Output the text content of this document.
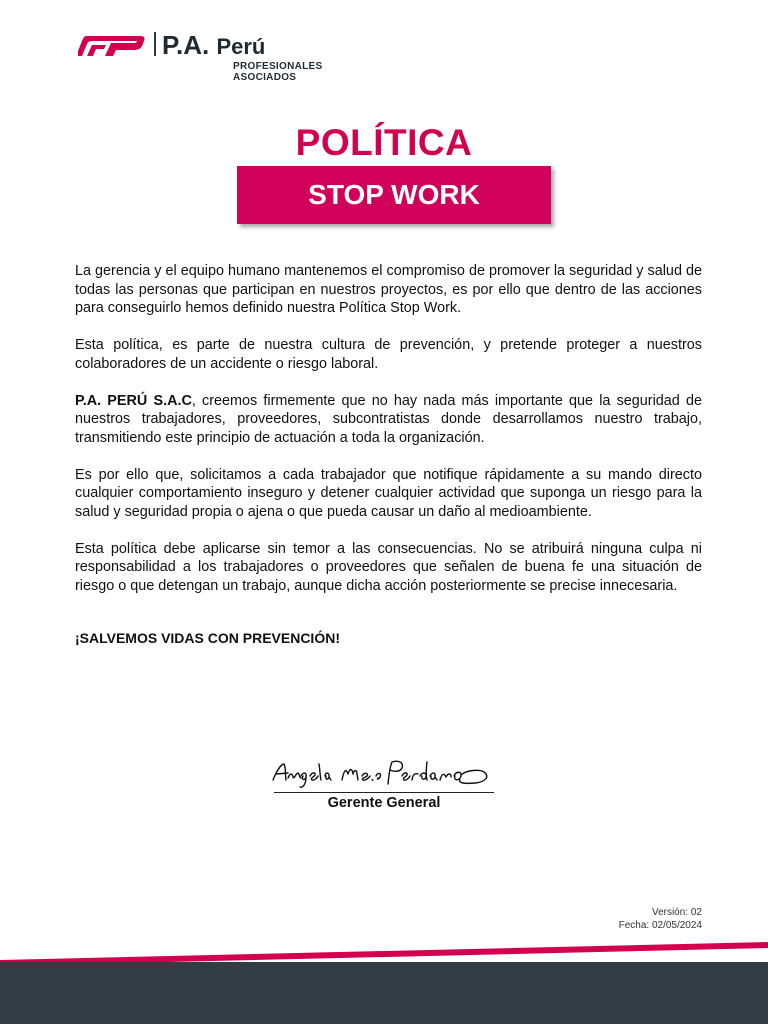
P.A. Perú
PROFESIONALES
ASOCIADOS
POLÍTICA
STOP WORK

La gerencia y el equipo humano mantenemos el compromiso de promover la seguridad y salud de todas las personas que participan en nuestros proyectos, es por ello que dentro de las acciones para conseguirlo hemos definido nuestra Política Stop Work.

Esta política, es parte de nuestra cultura de prevención, y pretende proteger a nuestros colaboradores de un accidente o riesgo laboral.

P.A. PERÚ S.A.C, creemos firmemente que no hay nada más importante que la seguridad de nuestros trabajadores, proveedores, subcontratistas donde desarrollamos nuestro trabajo, transmitiendo este principio de actuación a toda la organización.

Es por ello que, solicitamos a cada trabajador que notifique rápidamente a su mando directo cualquier comportamiento inseguro y detener cualquier actividad que suponga un riesgo para la salud y seguridad propia o ajena o que pueda causar un daño al medioambiente.

Esta política debe aplicarse sin temor a las consecuencias. No se atribuirá ninguna culpa ni responsabilidad a los trabajadores o proveedores que señalen de buena fe una situación de riesgo o que detengan un trabajo, aunque dicha acción posteriormente se precise innecesaria.

¡SALVEMOS VIDAS CON PREVENCIÓN!

Gerente General
Versión: 02
Fecha: 02/05/2024
